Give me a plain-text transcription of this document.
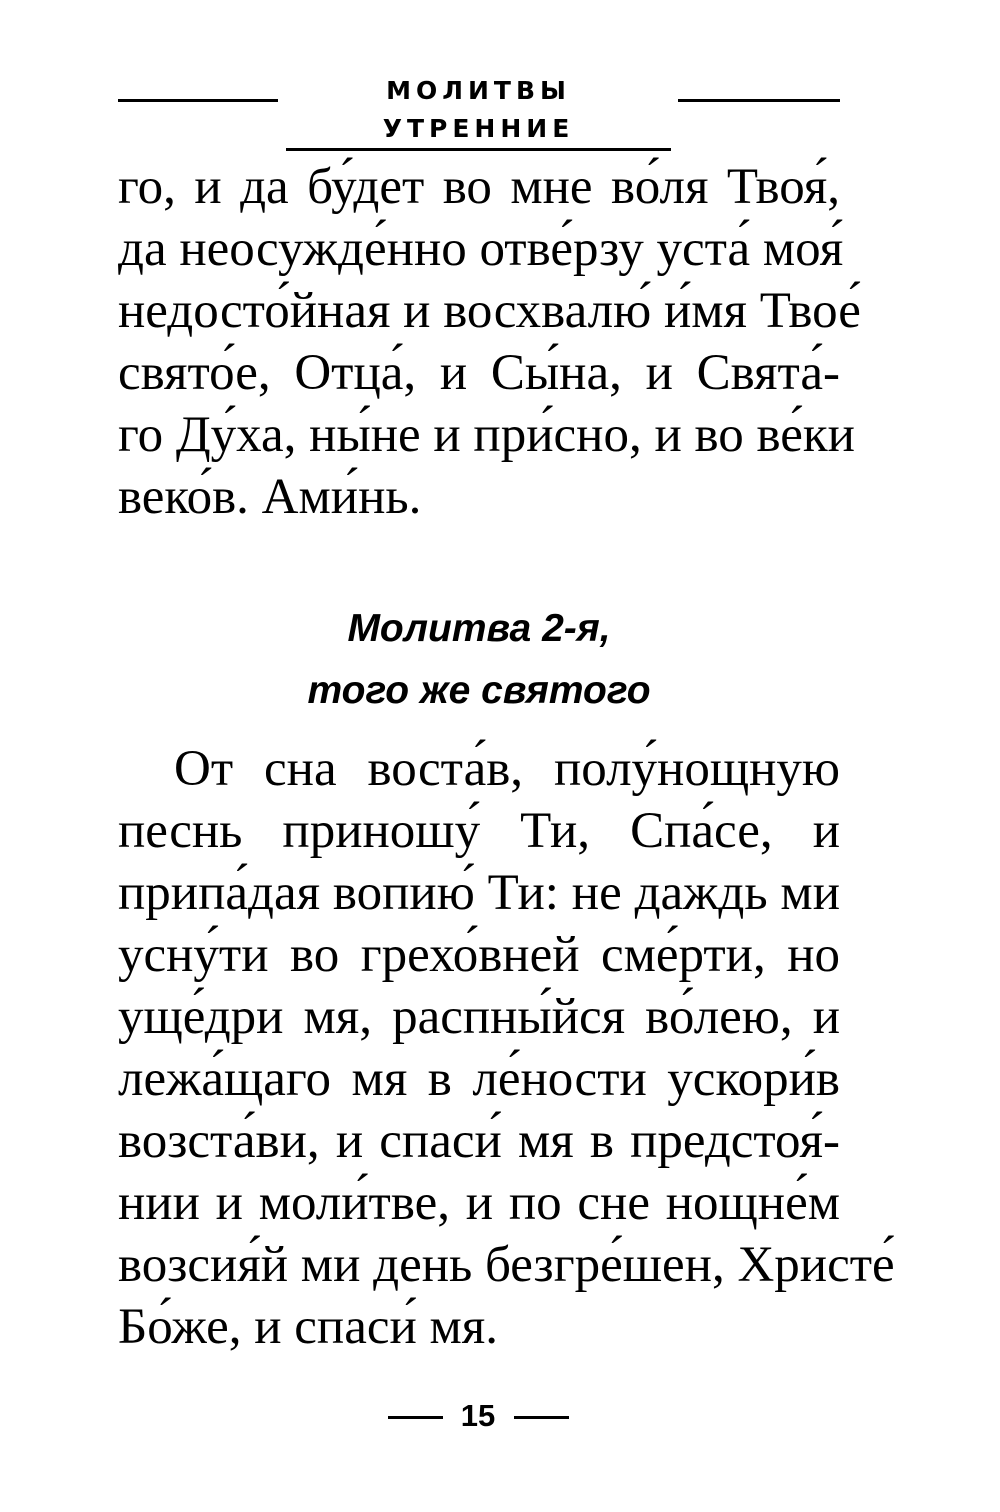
МОЛИТВЫ УТРЕННИЕ
го, и да бу́дет во мне во́ля Твоя́,
да неосужде́нно отве́рзу уста́ моя́
недосто́йная и восхвалю́ и́мя Твое́
свято́е, Отца́, и Сы́на, и Свята́-
го Ду́ха, ны́не и при́сно, и во ве́ки
веко́в. Ами́нь.
Молитва 2-я,
того же святого
От сна воста́в, полу́нощную
песнь приношу́ Ти, Спа́се, и
припа́дая вопию́ Ти: не даждь ми
усну́ти во грехо́вней сме́рти, но
уще́дри мя, распны́йся во́лею, и
лежа́щаго мя в ле́ности ускори́в
возста́ви, и спаси́ мя в предстоя́-
нии и моли́тве, и по сне нощне́м
возсия́й ми день безгре́шен, Христе́
Бо́же, и спаси́ мя.
15
